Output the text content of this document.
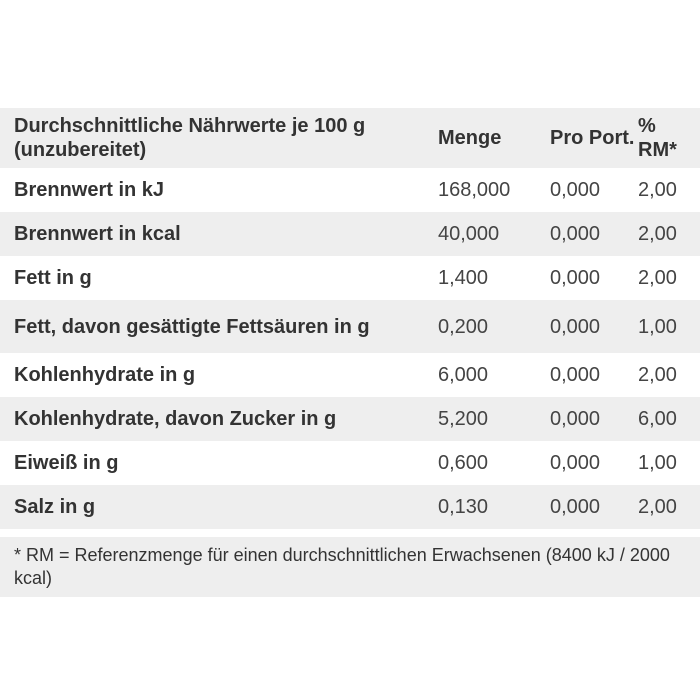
Durchschnittliche Nährwerte je 100 g (unzubereitet)	Menge	Pro Port.	% RM*
Brennwert in kJ	168,000	0,000	2,00
Brennwert in kcal	40,000	0,000	2,00
Fett in g	1,400	0,000	2,00
Fett, davon gesättigte Fettsäuren in g	0,200	0,000	1,00
Kohlenhydrate in g	6,000	0,000	2,00
Kohlenhydrate, davon Zucker in g	5,200	0,000	6,00
Eiweiß in g	0,600	0,000	1,00
Salz in g	0,130	0,000	2,00

* RM = Referenzmenge für einen durchschnittlichen Erwachsenen (8400 kJ / 2000 kcal)			
